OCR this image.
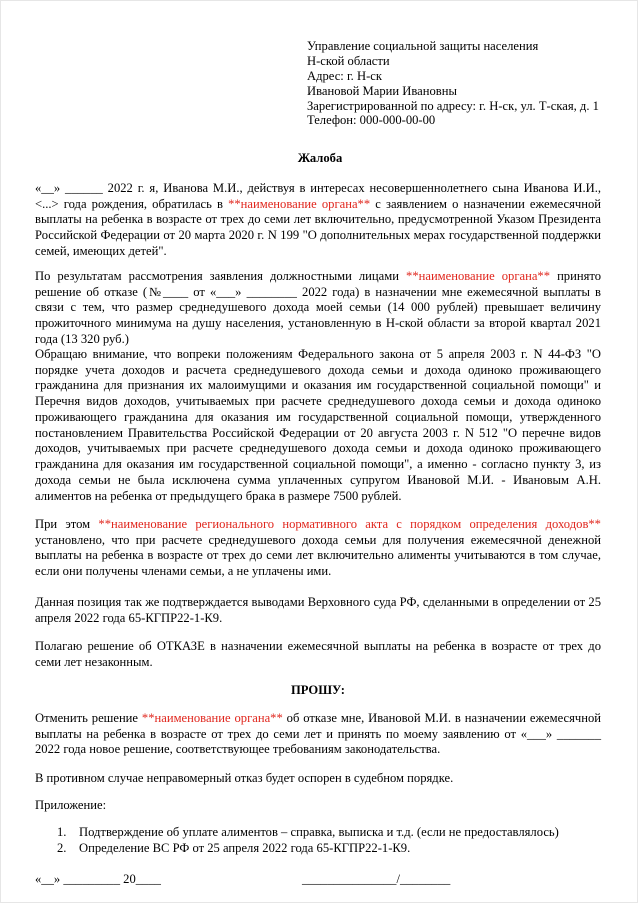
Управление социальной защиты населения
Н-ской области
Адрес: г. Н-ск
Ивановой Марии Ивановны
Зарегистрированной по адресу: г. Н-ск, ул. Т-ская, д. 1
Телефон: 000-000-00-00
Жалоба
«__» ______ 2022 г. я, Иванова М.И., действуя в интересах несовершеннолетнего сына Иванова И.И., <...> года рождения, обратилась в **наименование органа** с заявлением о назначении ежемесячной выплаты на ребенка в возрасте от трех до семи лет включительно, предусмотренной Указом Президента Российской Федерации от 20 марта 2020 г. N 199 "О дополнительных мерах государственной поддержки семей, имеющих детей".
По результатам рассмотрения заявления должностными лицами **наименование органа** принято решение об отказе (№____ от «___» ________ 2022 года) в назначении мне ежемесячной выплаты в связи с тем, что размер среднедушевого дохода моей семьи (14 000 рублей) превышает величину прожиточного минимума на душу населения, установленную в Н-ской области за второй квартал 2021 года (13 320 руб.)
Обращаю внимание, что вопреки положениям Федерального закона от 5 апреля 2003 г. N 44-ФЗ "О порядке учета доходов и расчета среднедушевого дохода семьи и дохода одиноко проживающего гражданина для признания их малоимущими и оказания им государственной социальной помощи" и Перечня видов доходов, учитываемых при расчете среднедушевого дохода семьи и дохода одиноко проживающего гражданина для оказания им государственной социальной помощи, утвержденного постановлением Правительства Российской Федерации от 20 августа 2003 г. N 512 "О перечне видов доходов, учитываемых при расчете среднедушевого дохода семьи и дохода одиноко проживающего гражданина для оказания им государственной социальной помощи", а именно - согласно пункту 3, из дохода семьи не была исключена сумма уплаченных супругом Ивановой М.И. - Ивановым А.Н. алиментов на ребенка от предыдущего брака в размере 7500 рублей.
При этом **наименование регионального нормативного акта с порядком определения доходов** установлено, что при расчете среднедушевого дохода семьи для получения ежемесячной денежной выплаты на ребенка в возрасте от трех до семи лет включительно алименты учитываются в том случае, если они получены членами семьи, а не уплачены ими.
Данная позиция так же подтверждается выводами Верховного суда РФ, сделанными в определении от 25 апреля 2022 года 65-КГПР22-1-К9.
Полагаю решение об ОТКАЗЕ в назначении ежемесячной выплаты на ребенка в возрасте от трех до семи лет незаконным.
ПРОШУ:
Отменить решение **наименование органа** об отказе мне, Ивановой М.И. в назначении ежемесячной выплаты на ребенка в возрасте от трех до семи лет и принять по моему заявлению от «___» _______ 2022 года новое решение, соответствующее требованиям законодательства.
В противном случае неправомерный отказ будет оспорен в судебном порядке.
Приложение:
1. Подтверждение об уплате алиментов – справка, выписка и т.д. (если не предоставлялось)
2. Определение ВС РФ от 25 апреля 2022 года 65-КГПР22-1-К9.
«__» _________ 20____	_______________/________
